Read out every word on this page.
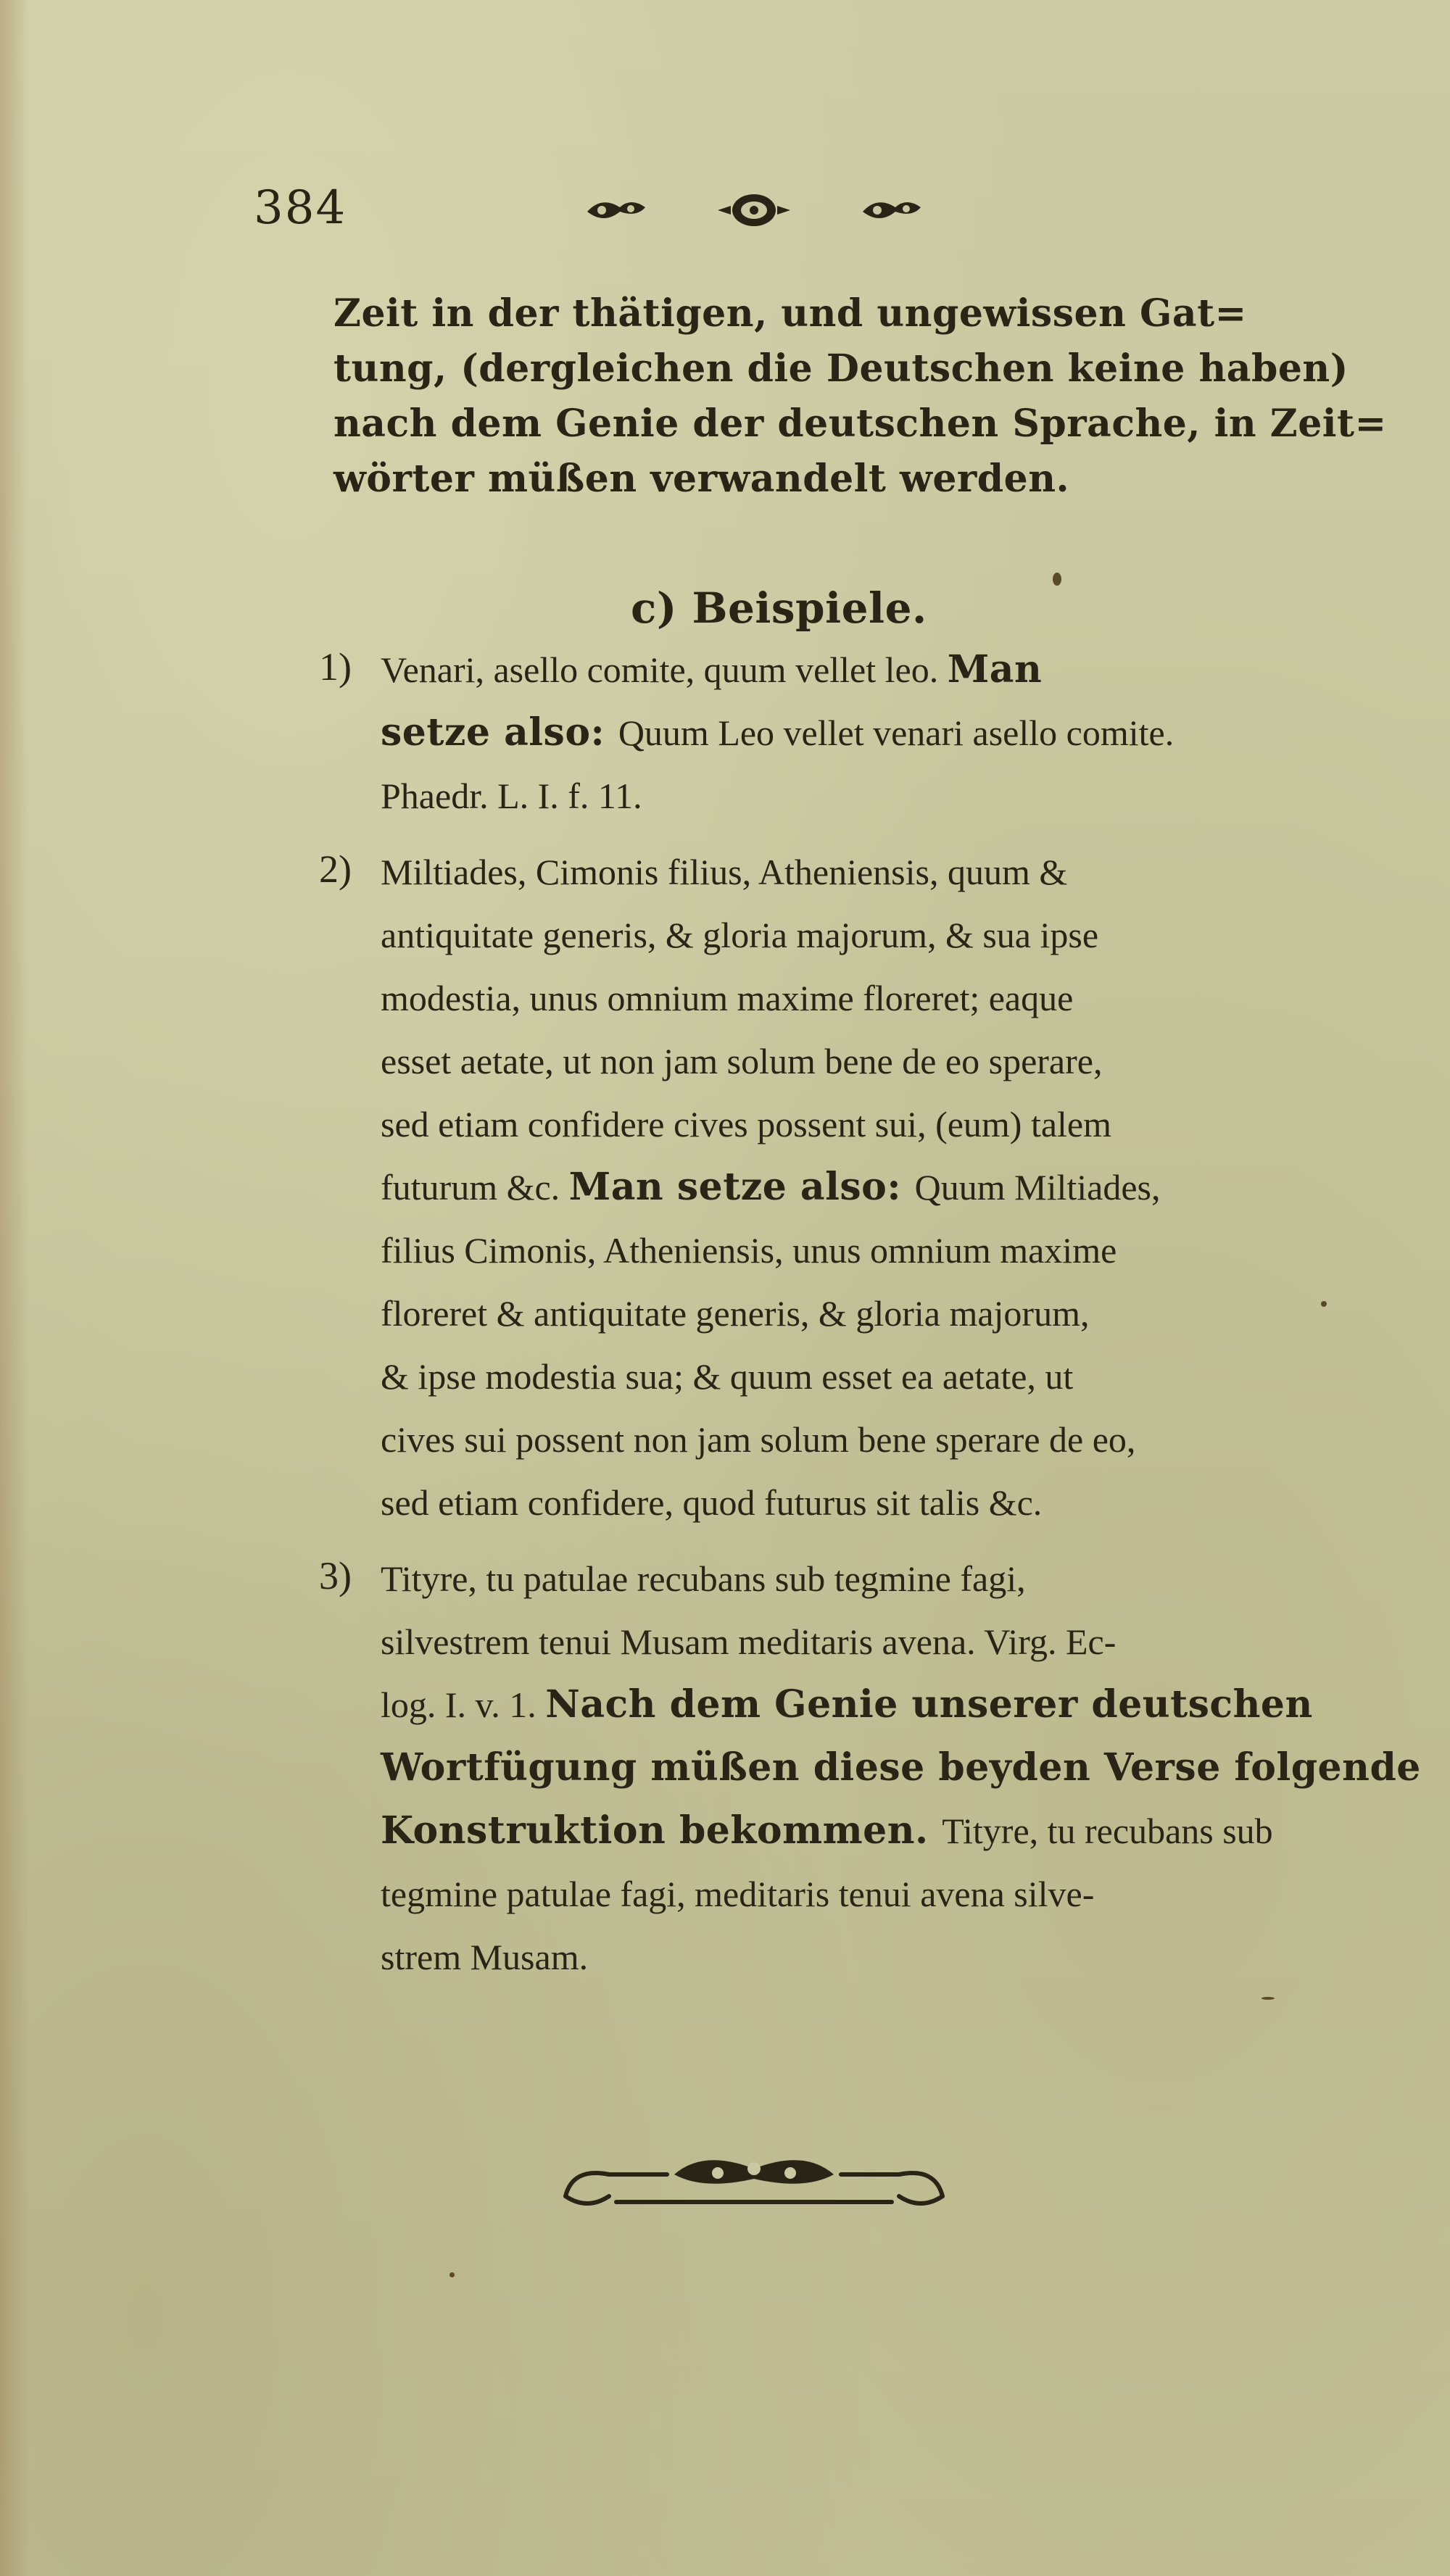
384
Zeit in der thätigen, und ungewissen Gat=
tung, (dergleichen die Deutschen keine haben)
nach dem Genie der deutschen Sprache, in Zeit=
wörter müßen verwandelt werden.
c) Beispiele.
1) Venari, asello comite, quum vellet leo. Man
setze also: Quum Leo vellet venari asello comite.
Phaedr. L. I. f. 11.
2) Miltiades, Cimonis filius, Atheniensis, quum &
antiquitate generis, & gloria majorum, & sua ipse
modestia, unus omnium maxime floreret; eaque
esset aetate, ut non jam solum bene de eo sperare,
sed etiam confidere cives possent sui, (eum) talem
futurum &c. Man setze also: Quum Miltiades,
filius Cimonis, Atheniensis, unus omnium maxime
floreret & antiquitate generis, & gloria majorum,
& ipse modestia sua; & quum esset ea aetate, ut
cives sui possent non jam solum bene sperare de eo,
sed etiam confidere, quod futurus sit talis &c.
3) Tityre, tu patulae recubans sub tegmine fagi,
silvestrem tenui Musam meditaris avena. Virg. Ec-
log. I. v. 1. Nach dem Genie unserer deutschen
Wortfügung müßen diese beyden Verse folgende
Konstruktion bekommen. Tityre, tu recubans sub
tegmine patulae fagi, meditaris tenui avena silve-
strem Musam.
